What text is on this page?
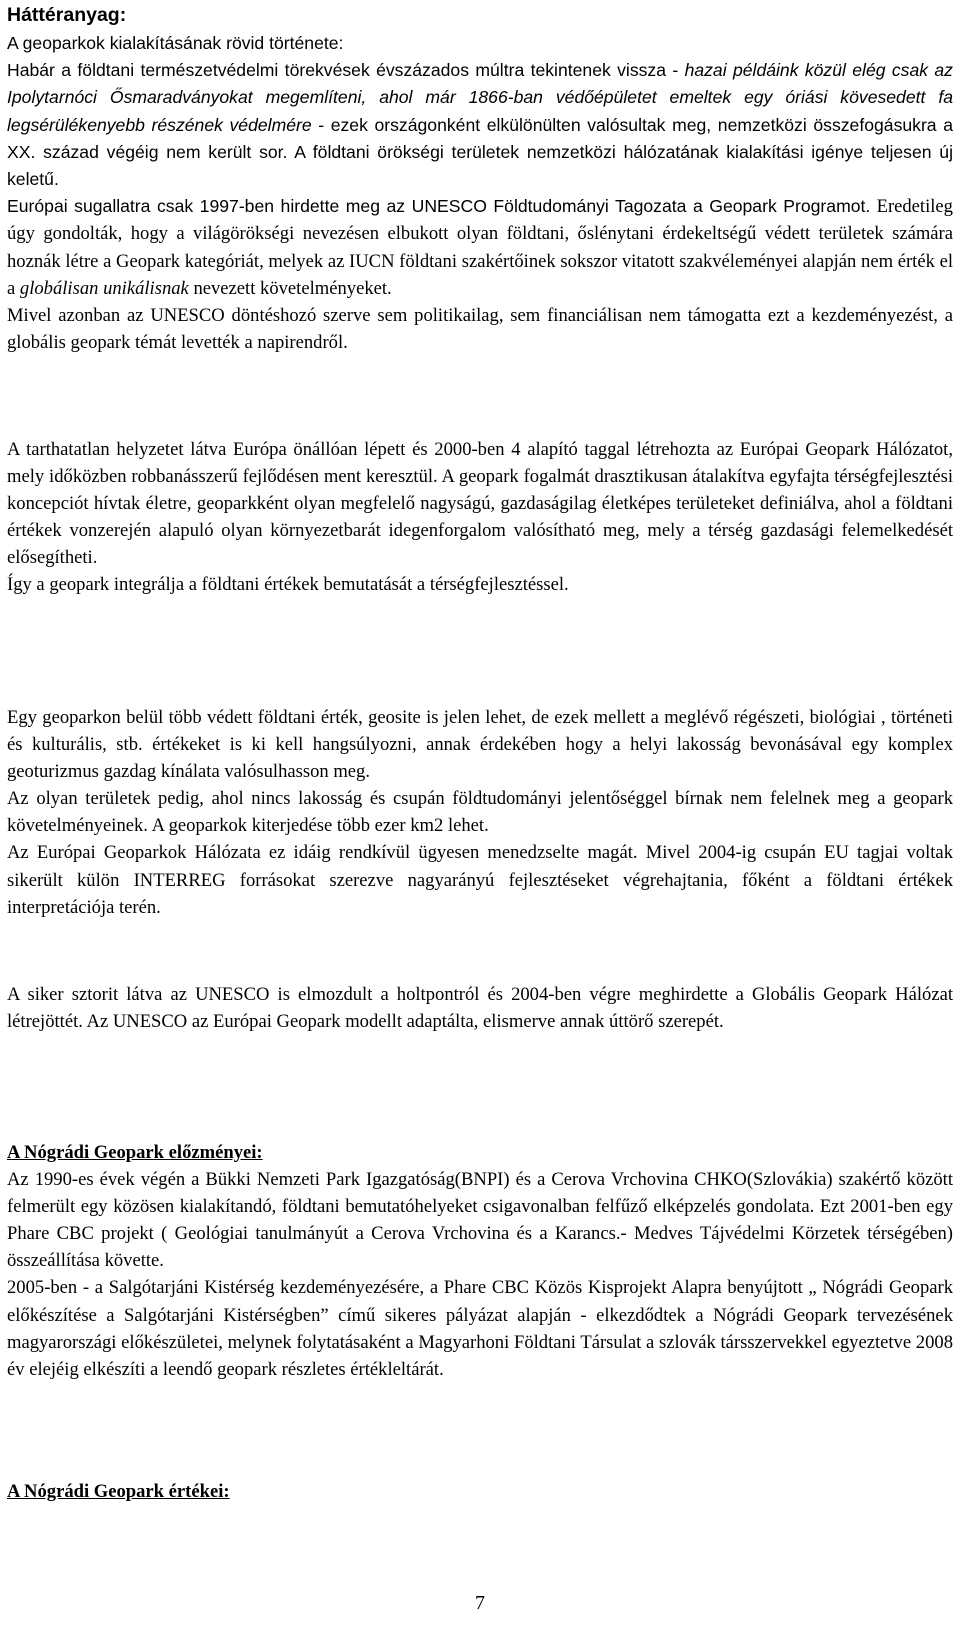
Háttéranyag:
A geoparkok kialakításának rövid története:

Habár a földtani természetvédelmi törekvések évszázados múltra tekintenek vissza - hazai példáink közül elég csak az Ipolytarnóci Ősmaradványokat megemlíteni, ahol már 1866-ban védőépületet emeltek egy óriási kövesedett fa legsérülékenyebb részének védelmére - ezek országonként elkülönülten valósultak meg, nemzetközi összefogásukra a XX. század végéig nem került sor. A földtani örökségi területek nemzetközi hálózatának kialakítási igénye teljesen új keletű.

Európai sugallatra csak 1997-ben hirdette meg az UNESCO Földtudományi Tagozata a Geopark Programot. Eredetileg úgy gondolták, hogy a világörökségi nevezésen elbukott olyan földtani, őslénytani érdekeltségű védett területek számára hoznák létre a Geopark kategóriát, melyek az IUCN földtani szakértőinek sokszor vitatott szakvéleményei alapján nem érték el a globálisan unikálisnak nevezett követelményeket.

Mivel azonban az UNESCO döntéshozó szerve sem politikailag, sem financiálisan nem támogatta ezt a kezdeményezést, a globális geopark témát levették a napirendről.

A tarthatatlan helyzetet látva Európa önállóan lépett és 2000-ben 4 alapító taggal létrehozta az Európai Geopark Hálózatot, mely időközben robbanásszerű fejlődésen ment keresztül. A geopark fogalmát drasztikusan átalakítva egyfajta térségfejlesztési koncepciót hívtak életre, geoparkként olyan megfelelő nagyságú, gazdaságilag életképes területeket definiálva, ahol a földtani értékek vonzerején alapuló olyan környezetbarát idegenforgalom valósítható meg, mely a térség gazdasági felemelkedését elősegítheti.

Így a geopark integrálja a földtani értékek bemutatását a térségfejlesztéssel.

Egy geoparkon belül több védett földtani érték, geosite is jelen lehet, de ezek mellett a meglévő régészeti, biológiai , történeti és kulturális, stb. értékeket is ki kell hangsúlyozni, annak érdekében hogy a helyi lakosság bevonásával egy komplex geoturizmus gazdag kínálata valósulhasson meg.

Az olyan területek pedig, ahol nincs lakosság és csupán földtudományi jelentőséggel bírnak nem felelnek meg a geopark követelményeinek. A geoparkok kiterjedése több ezer km2 lehet.

Az Európai Geoparkok Hálózata ez idáig rendkívül ügyesen menedzselte magát. Mivel 2004-ig csupán EU tagjai voltak sikerült külön INTERREG forrásokat szerezve nagyarányú fejlesztéseket végrehajtania, főként a földtani értékek interpretációja terén.

A siker sztorit látva az UNESCO is elmozdult a holtpontról és 2004-ben végre meghirdette a Globális Geopark Hálózat létrejöttét. Az UNESCO az Európai Geopark modellt adaptálta, elismerve annak úttörő szerepét.

A Nógrádi Geopark előzményei:

Az 1990-es évek végén a Bükki Nemzeti Park Igazgatóság(BNPI) és a Cerova Vrchovina CHKO(Szlovákia) szakértő között felmerült egy közösen kialakítandó, földtani bemutatóhelyeket csigavonalban felfűző elképzelés gondolata. Ezt 2001-ben egy Phare CBC projekt ( Geológiai tanulmányút a Cerova Vrchovina és a Karancs.- Medves Tájvédelmi Körzetek térségében) összeállítása követte.

2005-ben - a Salgótarjáni Kistérség kezdeményezésére, a Phare CBC Közös Kisprojekt Alapra benyújtott „ Nógrádi Geopark előkészítése a Salgótarjáni Kistérségben” című sikeres pályázat alapján - elkezdődtek a Nógrádi Geopark tervezésének magyarországi előkészületei, melynek folytatásaként a Magyarhoni Földtani Társulat a szlovák társszervekkel egyeztetve 2008 év elejéig elkészíti a leendő geopark részletes értékleltárát.

A Nógrádi Geopark értékei:
7
